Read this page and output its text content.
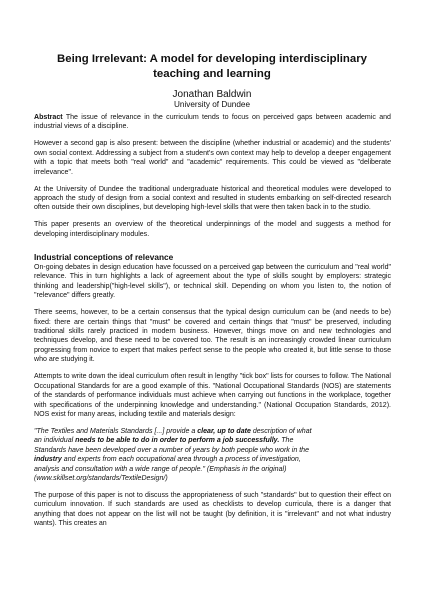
Being Irrelevant: A model for developing interdisciplinary
teaching and learning
Jonathan Baldwin
University of Dundee

Abstract The issue of relevance in the curriculum tends to focus on perceived gaps between academic and industrial views of a discipline.

However a second gap is also present: between the discipline (whether industrial or academic) and the students' own social context. Addressing a subject from a student's own context may help to develop a deeper engagement with a topic that meets both "real world" and "academic" requirements. This could be viewed as "deliberate irrelevance".

At the University of Dundee the traditional undergraduate historical and theoretical modules were developed to approach the study of design from a social context and resulted in students embarking on self-directed research often outside their own disciplines, but developing high-level skills that were then taken back in to the studio.

This paper presents an overview of the theoretical underpinnings of the model and suggests a method for developing interdisciplinary modules.

Industrial conceptions of relevance

On-going debates in design education have focussed on a perceived gap between the curriculum and "real world" relevance. This in turn highlights a lack of agreement about the type of skills sought by employers: strategic thinking and leadership("high-level skills"), or technical skill. Depending on whom you listen to, the notion of "relevance" differs greatly.

There seems, however, to be a certain consensus that the typical design curriculum can be (and needs to be) fixed: there are certain things that "must" be covered and certain things that "must" be preserved, including traditional skills rarely practiced in modern business. However, things move on and new technologies and techniques develop, and these need to be covered too. The result is an increasingly crowded linear curriculum progressing from novice to expert that makes perfect sense to the people who created it, but little sense to those who are studying it.

Attempts to write down the ideal curriculum often result in lengthy "tick box" lists for courses to follow. The National Occupational Standards for are a good example of this. "National Occupational Standards (NOS) are statements of the standards of performance individuals must achieve when carrying out functions in the workplace, together with specifications of the underpinning knowledge and understanding." (National Occupation Standards, 2012). NOS exist for many areas, including textile and materials design:

"The Textiles and Materials Standards [...] provide a clear, up to date description of what an individual needs to be able to do in order to perform a job successfully. The Standards have been developed over a number of years by both people who work in the industry and experts from each occupational area through a process of investigation, analysis and consultation with a wide range of people." (Emphasis in the original) (www.skillset.org/standards/TextileDesign/)

The purpose of this paper is not to discuss the appropriateness of such "standards" but to question their effect on curriculum innovation. If such standards are used as checklists to develop curricula, there is a danger that anything that does not appear on the list will not be taught (by definition, it is "irrelevant" and not what industry wants). This creates an
